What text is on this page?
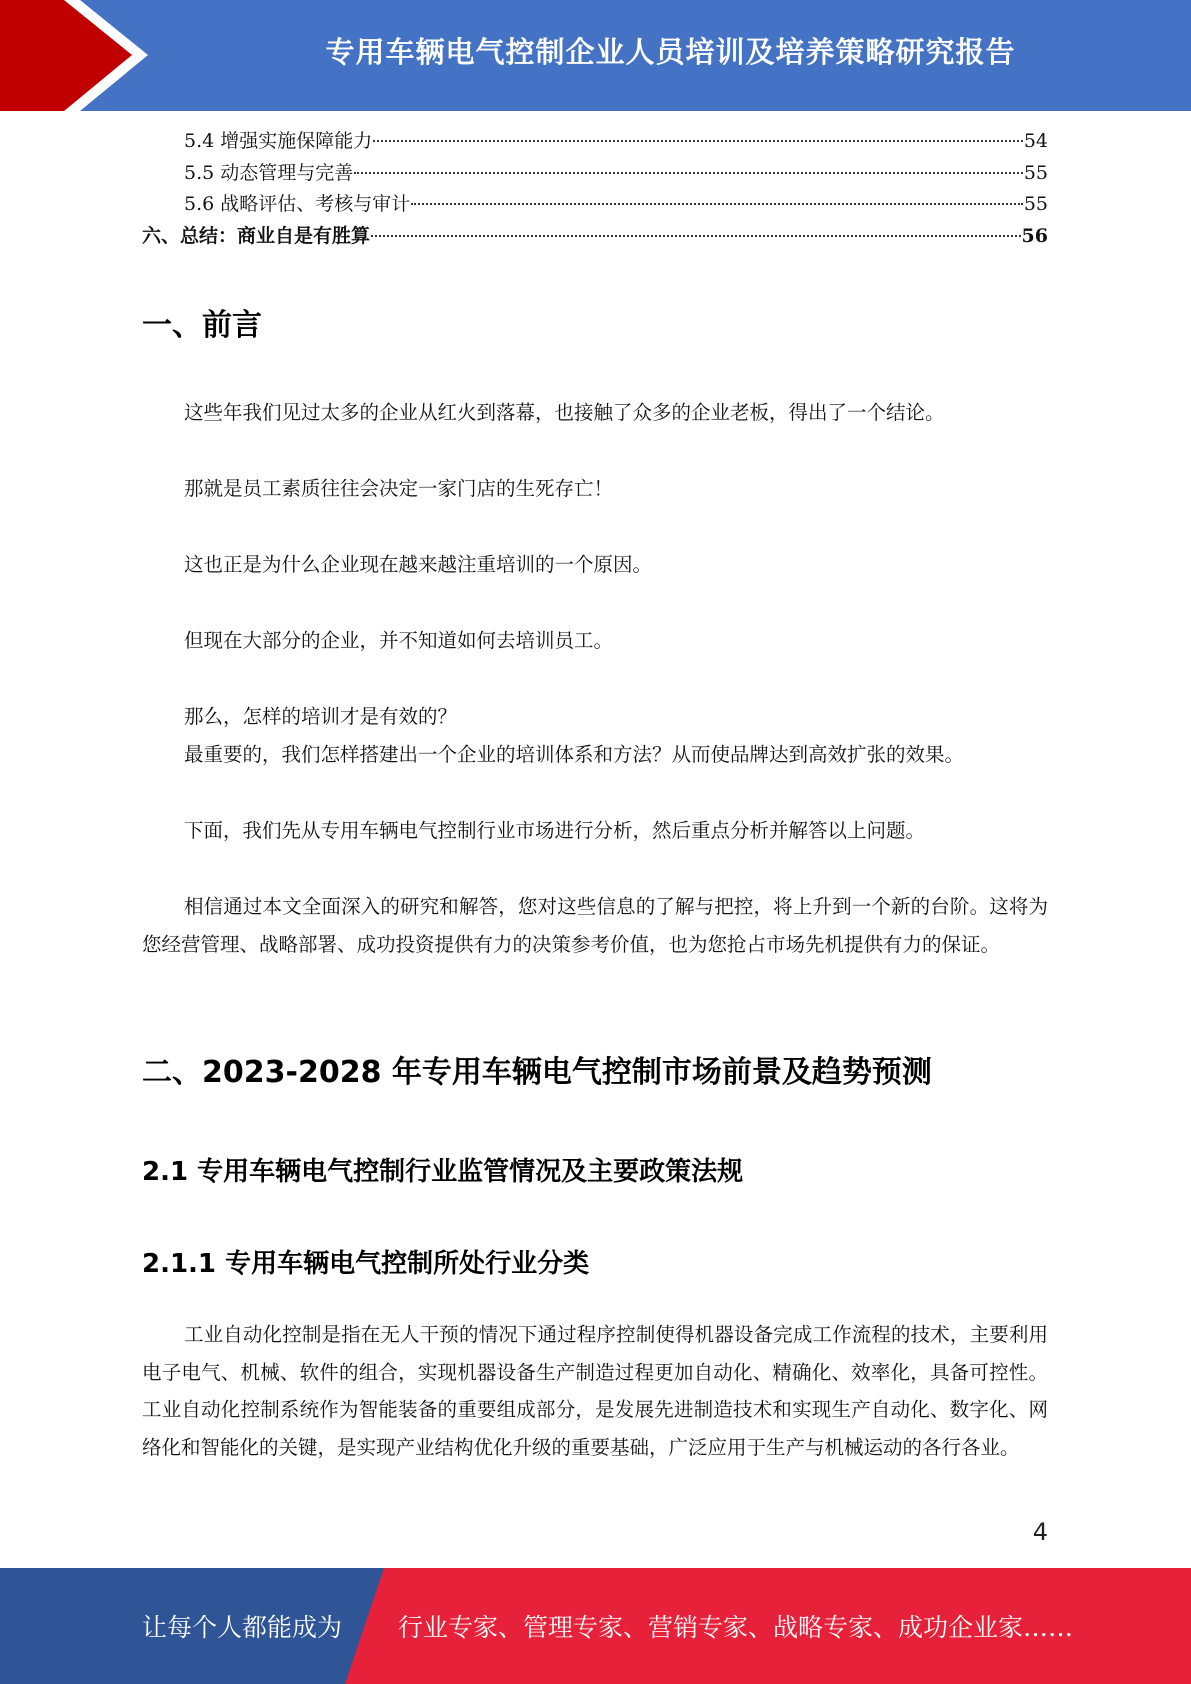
专用车辆电气控制企业人员培训及培养策略研究报告
5.4 增强实施保障能力	54
5.5 动态管理与完善	55
5.6 战略评估、考核与审计	55
六、总结：商业自是有胜算	56
一、前言
这些年我们见过太多的企业从红火到落幕，也接触了众多的企业老板，得出了一个结论。
那就是员工素质往往会决定一家门店的生死存亡！
这也正是为什么企业现在越来越注重培训的一个原因。
但现在大部分的企业，并不知道如何去培训员工。
那么，怎样的培训才是有效的？
最重要的，我们怎样搭建出一个企业的培训体系和方法？从而使品牌达到高效扩张的效果。
下面，我们先从专用车辆电气控制行业市场进行分析，然后重点分析并解答以上问题。
相信通过本文全面深入的研究和解答，您对这些信息的了解与把控，将上升到一个新的台阶。这将为您经营管理、战略部署、成功投资提供有力的决策参考价值，也为您抢占市场先机提供有力的保证。
二、2023-2028 年专用车辆电气控制市场前景及趋势预测
2.1 专用车辆电气控制行业监管情况及主要政策法规
2.1.1 专用车辆电气控制所处行业分类
工业自动化控制是指在无人干预的情况下通过程序控制使得机器设备完成工作流程的技术，主要利用电子电气、机械、软件的组合，实现机器设备生产制造过程更加自动化、精确化、效率化，具备可控性。工业自动化控制系统作为智能装备的重要组成部分，是发展先进制造技术和实现生产自动化、数字化、网络化和智能化的关键，是实现产业结构优化升级的重要基础，广泛应用于生产与机械运动的各行各业。
4
让每个人都能成为 行业专家、管理专家、营销专家、战略专家、成功企业家……
